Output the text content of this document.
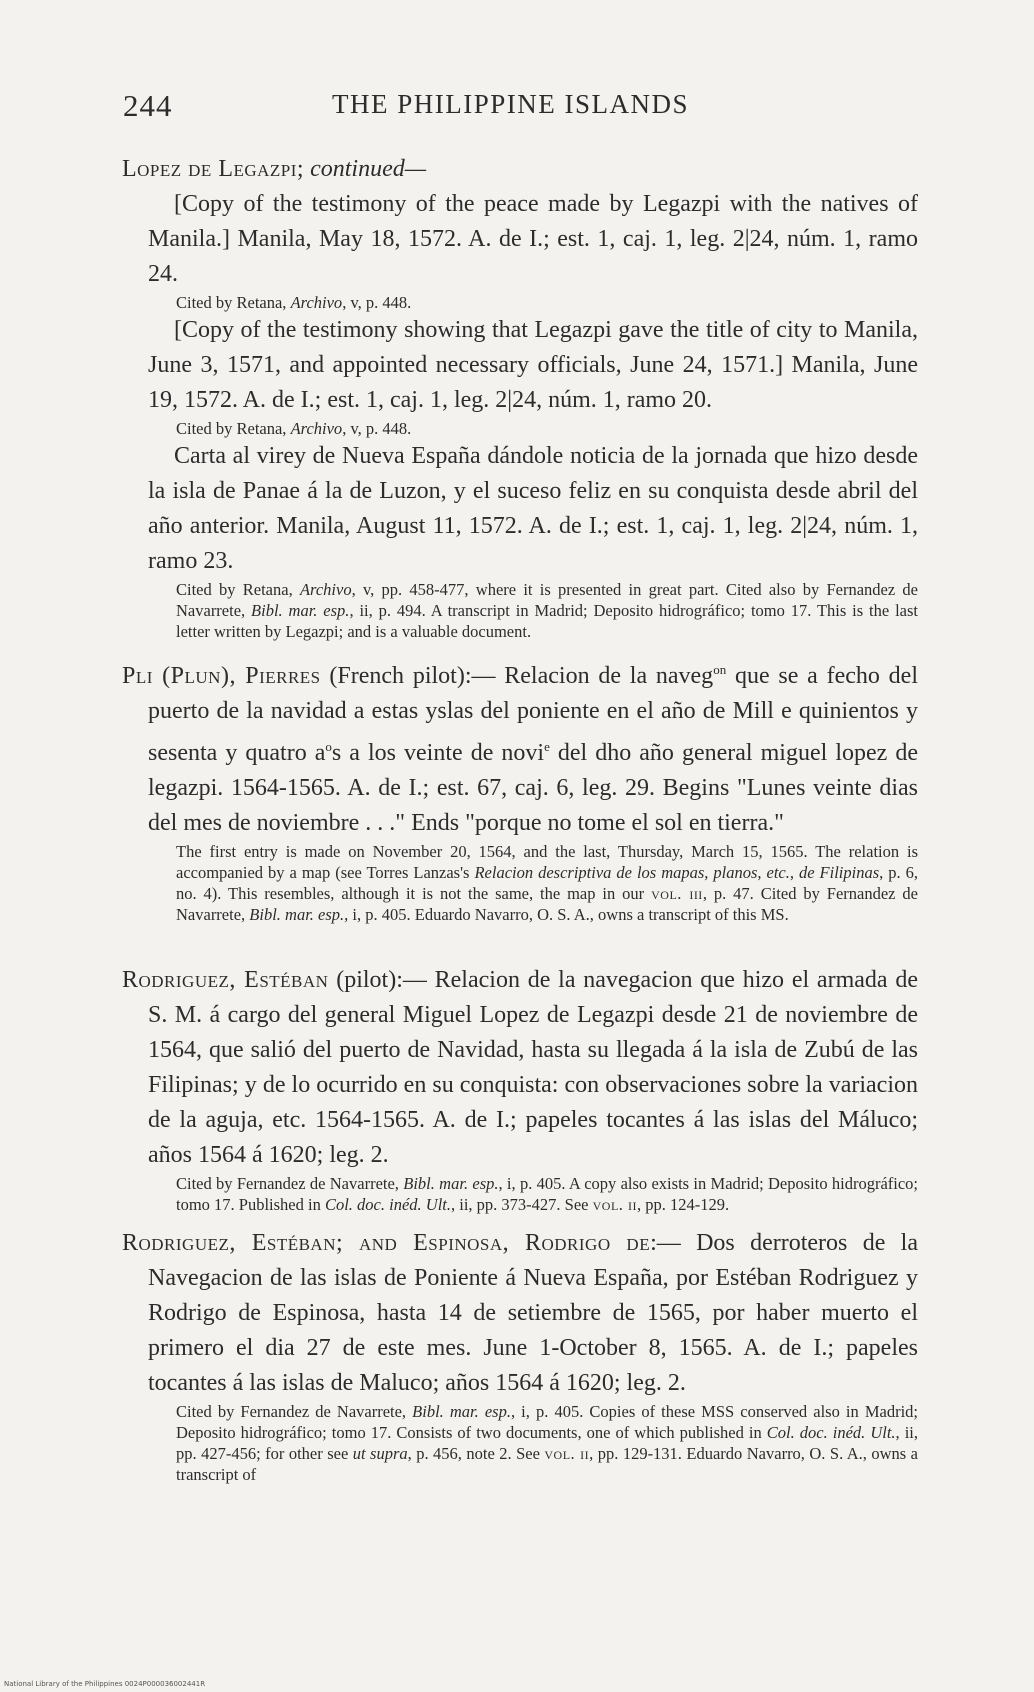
244	THE PHILIPPINE ISLANDS

Lopez de Legazpi; continued—

[Copy of the testimony of the peace made by Legazpi with the natives of Manila.] Manila, May 18, 1572. A. de I.; est. 1, caj. 1, leg. 2|24, núm. 1, ramo 24.

Cited by Retana, Archivo, v, p. 448.

[Copy of the testimony showing that Legazpi gave the title of city to Manila, June 3, 1571, and appointed necessary officials, June 24, 1571.] Manila, June 19, 1572. A. de I.; est. 1, caj. 1, leg. 2|24, núm. 1, ramo 20.

Cited by Retana, Archivo, v, p. 448.

Carta al virey de Nueva España dándole noticia de la jornada que hizo desde la isla de Panae á la de Luzon, y el suceso feliz en su conquista desde abril del año anterior. Manila, August 11, 1572. A. de I.; est. 1, caj. 1, leg. 2|24, núm. 1, ramo 23.

Cited by Retana, Archivo, v, pp. 458-477, where it is presented in great part. Cited also by Fernandez de Navarrete, Bibl. mar. esp., ii, p. 494. A transcript in Madrid; Deposito hidrográfico; tomo 17. This is the last letter written by Legazpi; and is a valuable document.

Pli (Plun), Pierres (French pilot):— Relacion de la naveg$^{on}$ que se a fecho del puerto de la navidad a estas yslas del poniente en el año de Mill e quinientos y sesenta y quatro $a^os$ a los veinte de novi$^e$ del dho año general miguel lopez de legazpi. 1564-1565. A. de I.; est. 67, caj. 6, leg. 29. Begins "Lunes veinte dias del mes de noviembre . . ." Ends "porque no tome el sol en tierra."

The first entry is made on November 20, 1564, and the last, Thursday, March 15, 1565. The relation is accompanied by a map (see Torres Lanzas's Relacion descriptiva de los mapas, planos, etc., de Filipinas, p. 6, no. 4). This resembles, although it is not the same, the map in our vol. iii, p. 47. Cited by Fernandez de Navarrete, Bibl. mar. esp., i, p. 405. Eduardo Navarro, O. S. A., owns a transcript of this MS.

Rodriguez, Estéban (pilot):— Relacion de la navegacion que hizo el armada de S. M. á cargo del general Miguel Lopez de Legazpi desde 21 de noviembre de 1564, que salió del puerto de Navidad, hasta su llegada á la isla de Zubú de las Filipinas; y de lo ocurrido en su conquista: con observaciones sobre la variacion de la aguja, etc. 1564-1565. A. de I.; papeles tocantes á las islas del Máluco; años 1564 á 1620; leg. 2.

Cited by Fernandez de Navarrete, Bibl. mar. esp., i, p. 405. A copy also exists in Madrid; Deposito hidrográfico; tomo 17. Published in Col. doc. inéd. Ult., ii, pp. 373-427. See vol. ii, pp. 124-129.

Rodriguez, Estéban; and Espinosa, Rodrigo de:— Dos derroteros de la Navegacion de las islas de Poniente á Nueva España, por Estéban Rodriguez y Rodrigo de Espinosa, hasta 14 de setiembre de 1565, por haber muerto el primero el dia 27 de este mes. June 1-October 8, 1565. A. de I.; papeles tocantes á las islas de Maluco; años 1564 á 1620; leg. 2.

Cited by Fernandez de Navarrete, Bibl. mar. esp., i, p. 405. Copies of these MSS conserved also in Madrid; Deposito hidrográfico; tomo 17. Consists of two documents, one of which published in Col. doc. inéd. Ult., ii, pp. 427-456; for other see ut supra, p. 456, note 2. See vol. ii, pp. 129-131. Eduardo Navarro, O. S. A., owns a transcript of

National Library of the Philippines 0024P000036002441R
